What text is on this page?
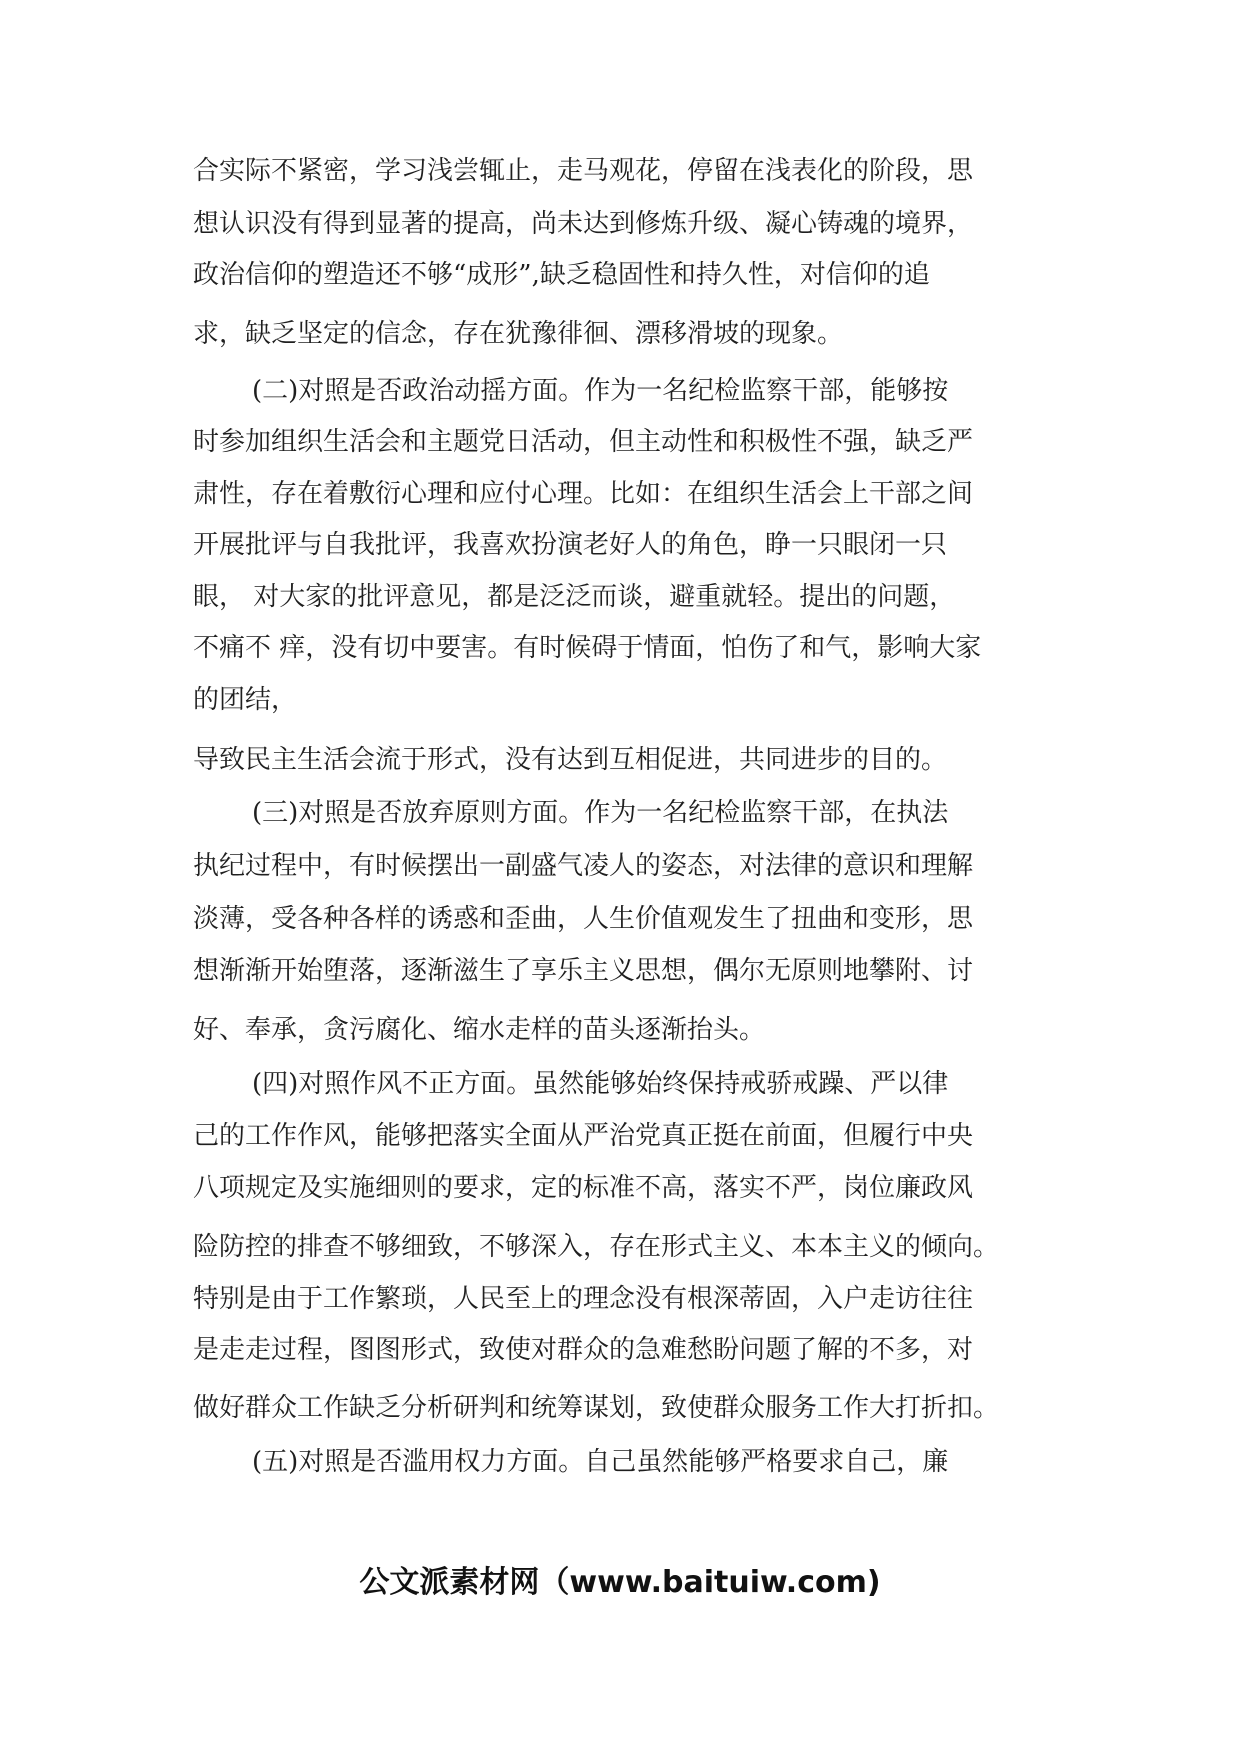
合实际不紧密，学习浅尝辄止，走马观花，停留在浅表化的阶段，思
想认识没有得到显著的提高，尚未达到修炼升级、凝心铸魂的境界，
政治信仰的塑造还不够“成形”,缺乏稳固性和持久性，对信仰的追
求，缺乏坚定的信念，存在犹豫徘徊、漂移滑坡的现象。
(二)对照是否政治动摇方面。作为一名纪检监察干部，能够按
时参加组织生活会和主题党日活动，但主动性和积极性不强，缺乏严
肃性，存在着敷衍心理和应付心理。比如：在组织生活会上干部之间
开展批评与自我批评，我喜欢扮演老好人的角色，睁一只眼闭一只
眼， 对大家的批评意见，都是泛泛而谈，避重就轻。提出的问题，
不痛不 痒，没有切中要害。有时候碍于情面，怕伤了和气，影响大家
的团结，
导致民主生活会流于形式，没有达到互相促进，共同进步的目的。
(三)对照是否放弃原则方面。作为一名纪检监察干部，在执法
执纪过程中，有时候摆出一副盛气凌人的姿态，对法律的意识和理解
淡薄，受各种各样的诱惑和歪曲，人生价值观发生了扭曲和变形，思
想渐渐开始堕落，逐渐滋生了享乐主义思想，偶尔无原则地攀附、讨
好、奉承，贪污腐化、缩水走样的苗头逐渐抬头。
(四)对照作风不正方面。虽然能够始终保持戒骄戒躁、严以律
己的工作作风，能够把落实全面从严治党真正挺在前面，但履行中央
八项规定及实施细则的要求，定的标准不高，落实不严，岗位廉政风
险防控的排查不够细致，不够深入，存在形式主义、本本主义的倾向。
特别是由于工作繁琐，人民至上的理念没有根深蒂固，入户走访往往
是走走过程，图图形式，致使对群众的急难愁盼问题了解的不多，对
做好群众工作缺乏分析研判和统筹谋划，致使群众服务工作大打折扣。
(五)对照是否滥用权力方面。自己虽然能够严格要求自己，廉
公文派素材网（www.baituiw.com)
